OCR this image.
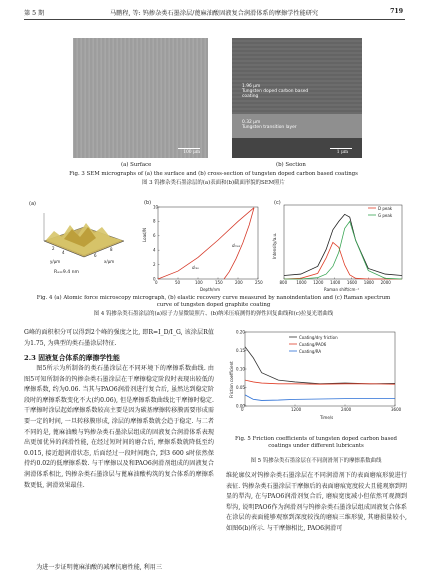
第 5 期	马鹏程, 等: 钨掺杂类石墨涂层/蓖麻油酸固液复合润滑体系的摩擦学性能研究	719
100 μm
(a) Surface
1.96 μm
Tungsten doped carbon based coating
0.32 μm
Tungsten transition layer
1 μm
(b) Section
Fig. 3 SEM micrographs of (a) the surface and (b) cross-section of tungsten doped carbon based coatings
图 3 钨掺杂类石墨涂层的(a)表面和(b)截面形貌的SEM照片
(a)
2
4
6
8
y/μm	x/μm
Rₐ=9.4 nm
(b)
Load/N
Depth/nm
dₘₐₓ
dᵣₑₛ
0	50	100	150	200	250
0
2
4
6
8
10
(c)
Intensity/a.u.
Raman shift/cm⁻¹
D peak
G peak
800 1000 1200 1400 1600 1800 2000
Fig. 4 (a) Atomic force microscopy micrograph, (b) elastic recovery curve measured by nanoindentation and (c) Raman spectrum curve of tungsten doped graphite coating
图 4 钨掺杂类石墨涂层的(a)原子力显微镜照片、(b)纳米压痕测得的弹性回复曲线和(c)拉曼光谱曲线
G峰的面积积分可以得到2个峰的强度之比, 即R=I_D/I_G, 该涂层R值为1.75, 为典型的类石墨涂层特征.
2.3 固液复合体系的摩擦学性能

图5所示为所制备的类石墨涂层在不同环境下的摩擦系数曲线. 由图5可知所制备的钨掺杂类石墨涂层在干摩擦稳定阶段时表现出较低的摩擦系数, 约为0.06. 当其与PAO6润滑剂进行复合后, 虽然达到稳定阶段时的摩擦系数变化不大(约0.06), 但是摩擦系数曲线比干摩擦时稳定. 干摩擦时涂层起始摩擦系数较高主要是因为碳基摩擦转移膜需要形成需要一定的时间, 一旦转移膜形成, 涂层的摩擦系数就会趋于稳定. 与二者不同的是, 蓖麻油酸与钨掺杂类石墨涂层组成的固液复合润滑体系表现出更加优异的润滑性能, 在经过短时间的磨合后, 摩擦系数就降低至约0.015, 接近超润滑状态, 后面经过一段时间跑合, 到3 600 s时依然保持约0.02的低摩擦系数. 与干摩擦以及和PAO6润滑剂组成的固液复合润滑体系相比, 钨掺杂类石墨涂层与蓖麻油酸构筑的复合体系的摩擦系数更低, 润滑效果最佳.

为进一步证明蓖麻油酸的减摩抗磨性能, 利用三

Friction coefficient
Time/s
Coating/dry friction
Coating/PAO6
Coating/RA
0	1200	2400	3600
0.00
0.05
0.10
0.15
0.20
Fig. 5 Friction coefficients of tungsten doped carbon based coatings under different lubricants
图 5 钨掺杂类石墨涂层在不同润滑剂下的摩擦系数曲线
维轮廓仪对钨掺杂类石墨涂层在不同润滑剂下的表面磨痕形貌进行表征. 钨掺杂类石墨涂层干摩擦后的表面磨痕宽度较大且能观察到明显的犁沟, 在与PAO6润滑剂复合后, 磨痕宽度减小但依然可观测到犁沟, 说明PAO6作为润滑剂与钨掺杂类石墨涂层组成固液复合体系在涂层的表面能够观察到深度较浅的磨痕三维形貌, 其磨损量较小, 如图6(b)所示. 与干摩擦相比, PAO6润滑可
